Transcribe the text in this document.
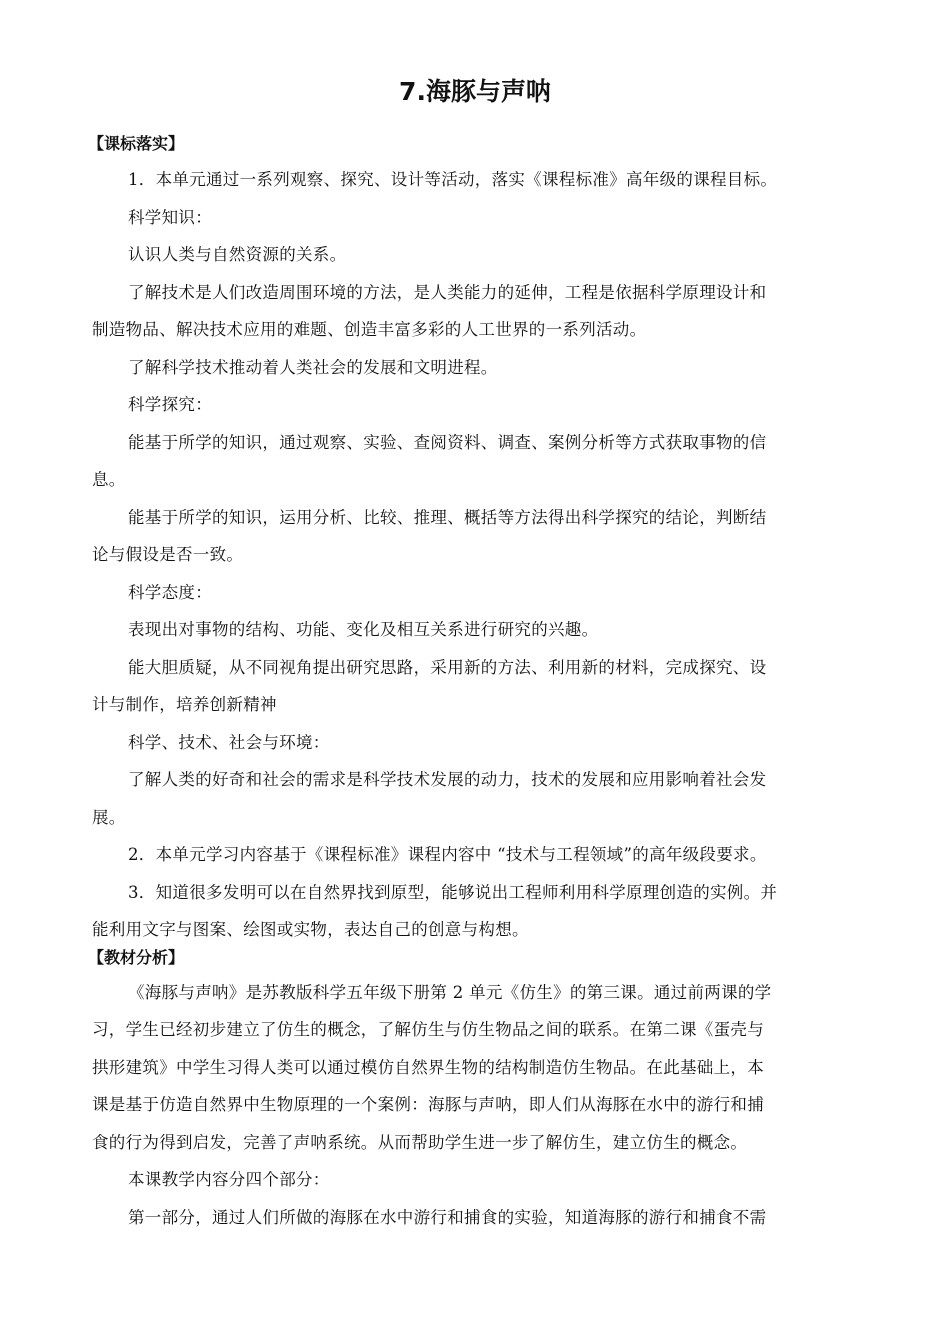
7.海豚与声呐
【课标落实】
1．本单元通过一系列观察、探究、设计等活动，落实《课程标准》高年级的课程目标。
科学知识：
认识人类与自然资源的关系。
了解技术是人们改造周围环境的方法，是人类能力的延伸，工程是依据科学原理设计和
制造物品、解决技术应用的难题、创造丰富多彩的人工世界的一系列活动。
了解科学技术推动着人类社会的发展和文明进程。
科学探究：
能基于所学的知识，通过观察、实验、查阅资料、调查、案例分析等方式获取事物的信
息。
能基于所学的知识，运用分析、比较、推理、概括等方法得出科学探究的结论，判断结
论与假设是否一致。
科学态度：
表现出对事物的结构、功能、变化及相互关系进行研究的兴趣。
能大胆质疑，从不同视角提出研究思路，采用新的方法、利用新的材料，完成探究、设
计与制作，培养创新精神
科学、技术、社会与环境：
了解人类的好奇和社会的需求是科学技术发展的动力，技术的发展和应用影响着社会发
展。
2．本单元学习内容基于《课程标准》课程内容中 “技术与工程领域”的高年级段要求。
3．知道很多发明可以在自然界找到原型，能够说出工程师利用科学原理创造的实例。并
能利用文字与图案、绘图或实物，表达自己的创意与构想。
【教材分析】
《海豚与声呐》是苏教版科学五年级下册第 2 单元《仿生》的第三课。通过前两课的学
习，学生已经初步建立了仿生的概念，了解仿生与仿生物品之间的联系。在第二课《蛋壳与
拱形建筑》中学生习得人类可以通过模仿自然界生物的结构制造仿生物品。在此基础上，本
课是基于仿造自然界中生物原理的一个案例：海豚与声呐，即人们从海豚在水中的游行和捕
食的行为得到启发，完善了声呐系统。从而帮助学生进一步了解仿生，建立仿生的概念。
本课教学内容分四个部分：
第一部分，通过人们所做的海豚在水中游行和捕食的实验，知道海豚的游行和捕食不需
